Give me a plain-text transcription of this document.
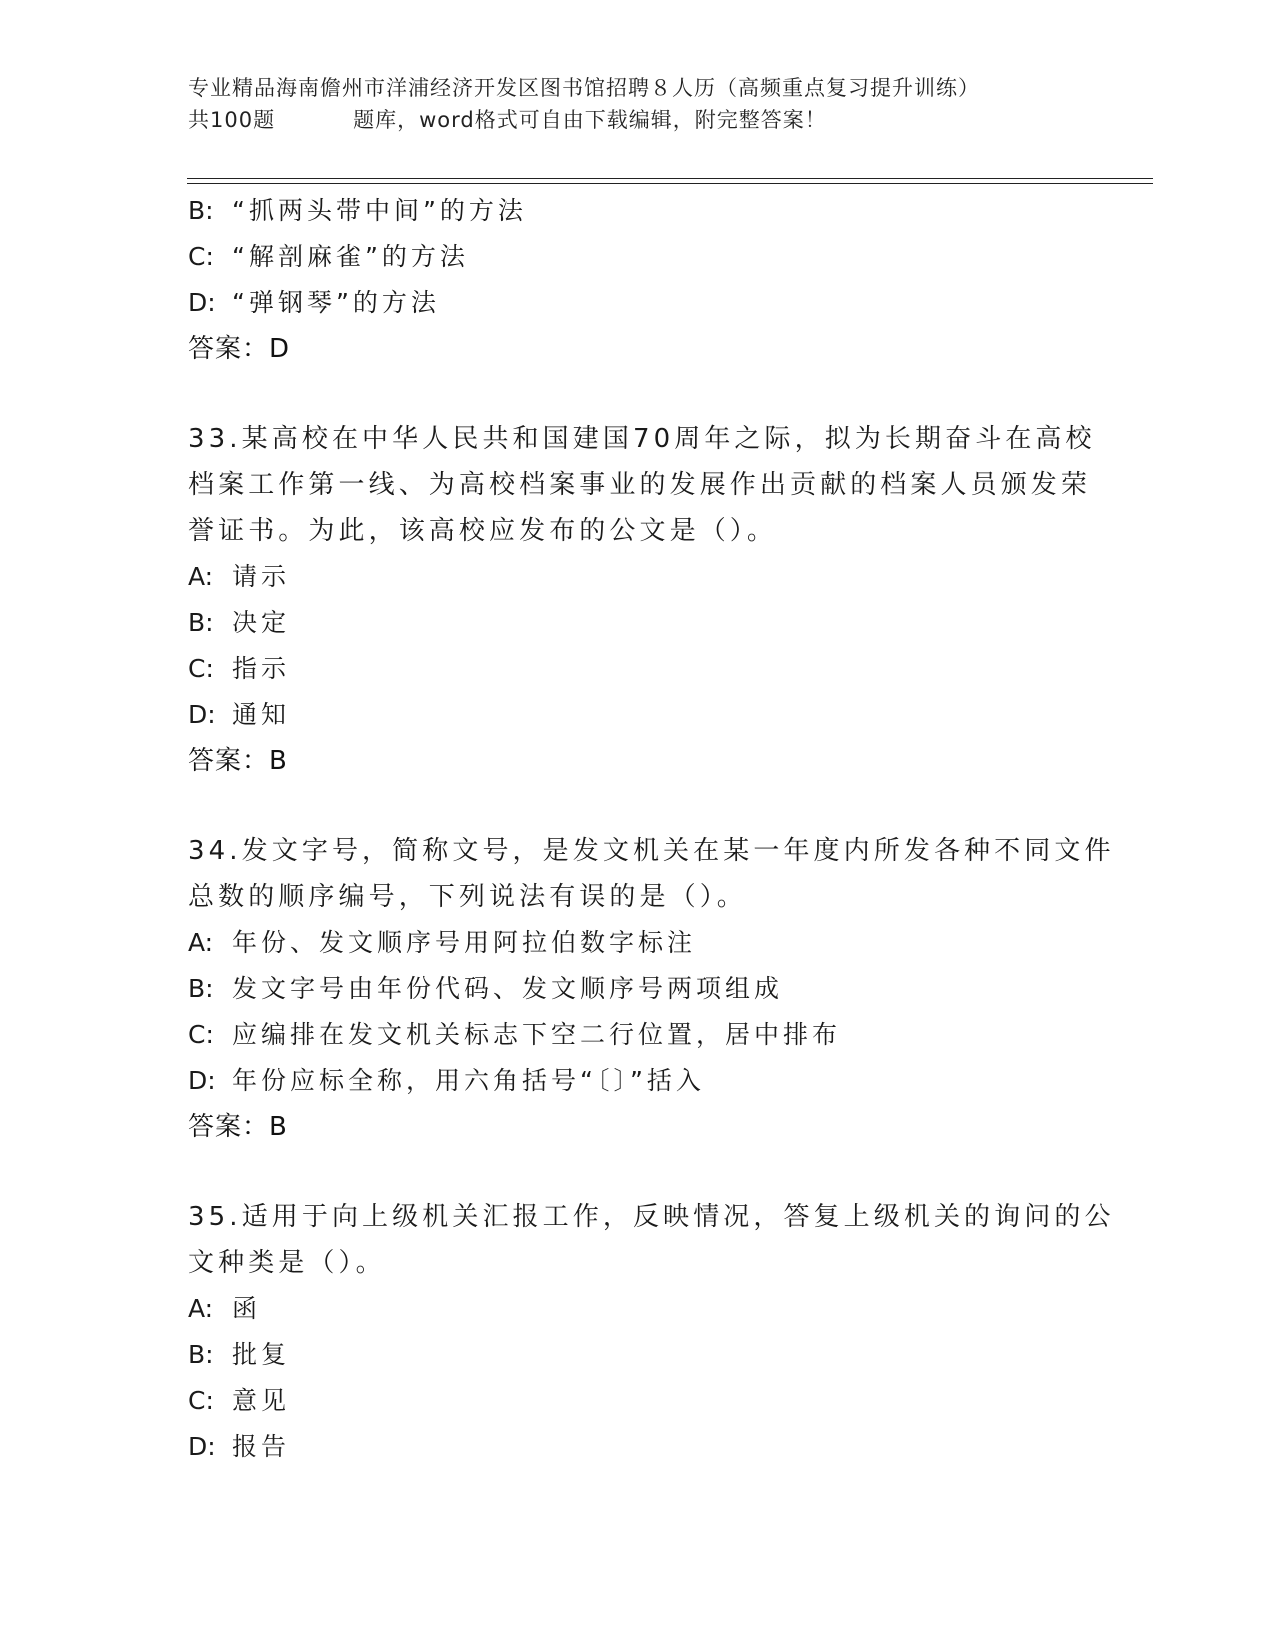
专业精品海南儋州市洋浦经济开发区图书馆招聘８人历（高频重点复习提升训练）
共100题	题库，word格式可自由下载编辑，附完整答案！
B: “抓两头带中间”的方法
C: “解剖麻雀”的方法
D: “弹钢琴”的方法
答案：D
33.某高校在中华人民共和国建国70周年之际，拟为长期奋斗在高校
档案工作第一线、为高校档案事业的发展作出贡献的档案人员颁发荣
誉证书。为此，该高校应发布的公文是（）。
A: 请示
B: 决定
C: 指示
D: 通知
答案：B
34.发文字号，简称文号，是发文机关在某一年度内所发各种不同文件
总数的顺序编号，下列说法有误的是（）。
A: 年份、发文顺序号用阿拉伯数字标注
B: 发文字号由年份代码、发文顺序号两项组成
C: 应编排在发文机关标志下空二行位置，居中排布
D: 年份应标全称，用六角括号“〔〕”括入
答案：B
35.适用于向上级机关汇报工作，反映情况，答复上级机关的询问的公
文种类是（）。
A: 函
B: 批复
C: 意见
D: 报告
